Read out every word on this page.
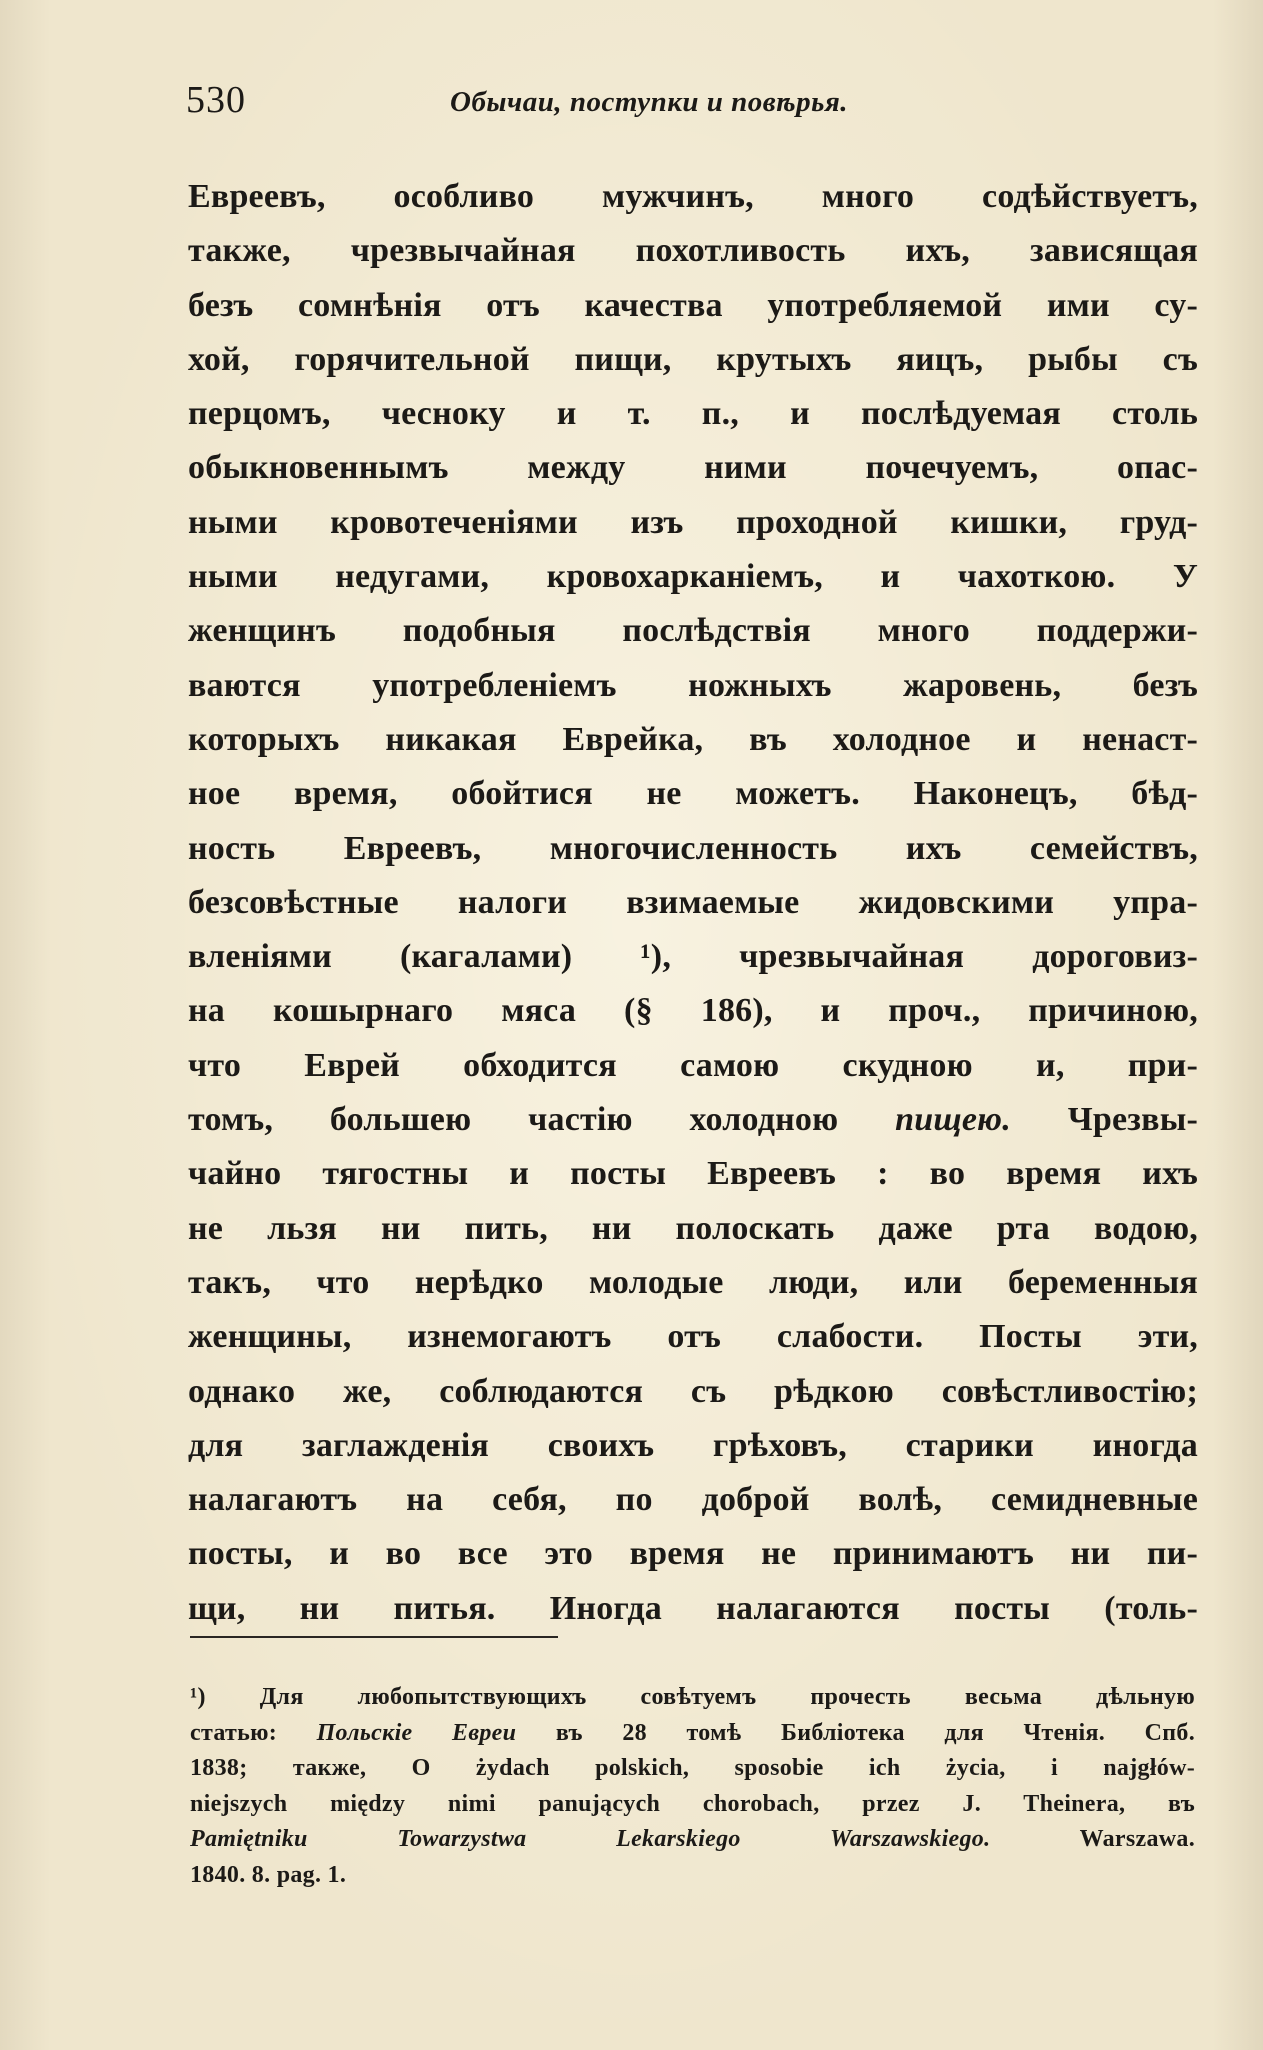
530	Обычаи, поступки и повѣрья.
Евреевъ, особливо мужчинъ, много содѣйствуетъ,
также, чрезвычайная похотливость ихъ, зависящая
безъ сомнѣнія отъ качества употребляемой ими су-
хой, горячительной пищи, крутыхъ яицъ, рыбы съ
перцомъ, чесноку и т. п., и послѣдуемая столь
обыкновеннымъ между ними почечуемъ, опас-
ными кровотеченіями изъ проходной кишки, груд-
ными недугами, кровохарканіемъ, и чахоткою. У
женщинъ подобныя послѣдствія много поддержи-
ваются употребленіемъ ножныхъ жаровень, безъ
которыхъ никакая Еврейка, въ холодное и ненаст-
ное время, обойтися не можетъ. Наконецъ, бѣд-
ность Евреевъ, многочисленность ихъ семействъ,
безсовѣстные налоги взимаемые жидовскими упра-
вленіями (кагалами) ¹), чрезвычайная дороговиз-
на кошырнаго мяса (§ 186), и проч., причиною,
что Еврей обходится самою скудною и, при-
томъ, большею частію холодною пищею. Чрезвы-
чайно тягостны и посты Евреевъ : во время ихъ
не льзя ни пить, ни полоскать даже рта водою,
такъ, что нерѣдко молодые люди, или беременныя
женщины, изнемогаютъ отъ слабости. Посты эти,
однако же, соблюдаются съ рѣдкою совѣстливостію;
для заглажденія своихъ грѣховъ, старики иногда
налагаютъ на себя, по доброй волѣ, семидневные
посты, и во все это время не принимаютъ ни пи-
щи, ни питья. Иногда налагаются посты (толь-
¹) Для любопытствующихъ совѣтуемъ прочесть весьма дѣльную
статью: Польскіе Евреи въ 28 томѣ Библiотека для Чтенія. Спб.
1838; также, O żydach polskich, sposobie ich życia, i najgłów-
niejszych między nimi panujących chorobach, przez J. Theinera, въ
Pamiętniku Towarzystwa Lekarskiego Warszawskiego. Warszawa.
1840. 8. pag. 1.
